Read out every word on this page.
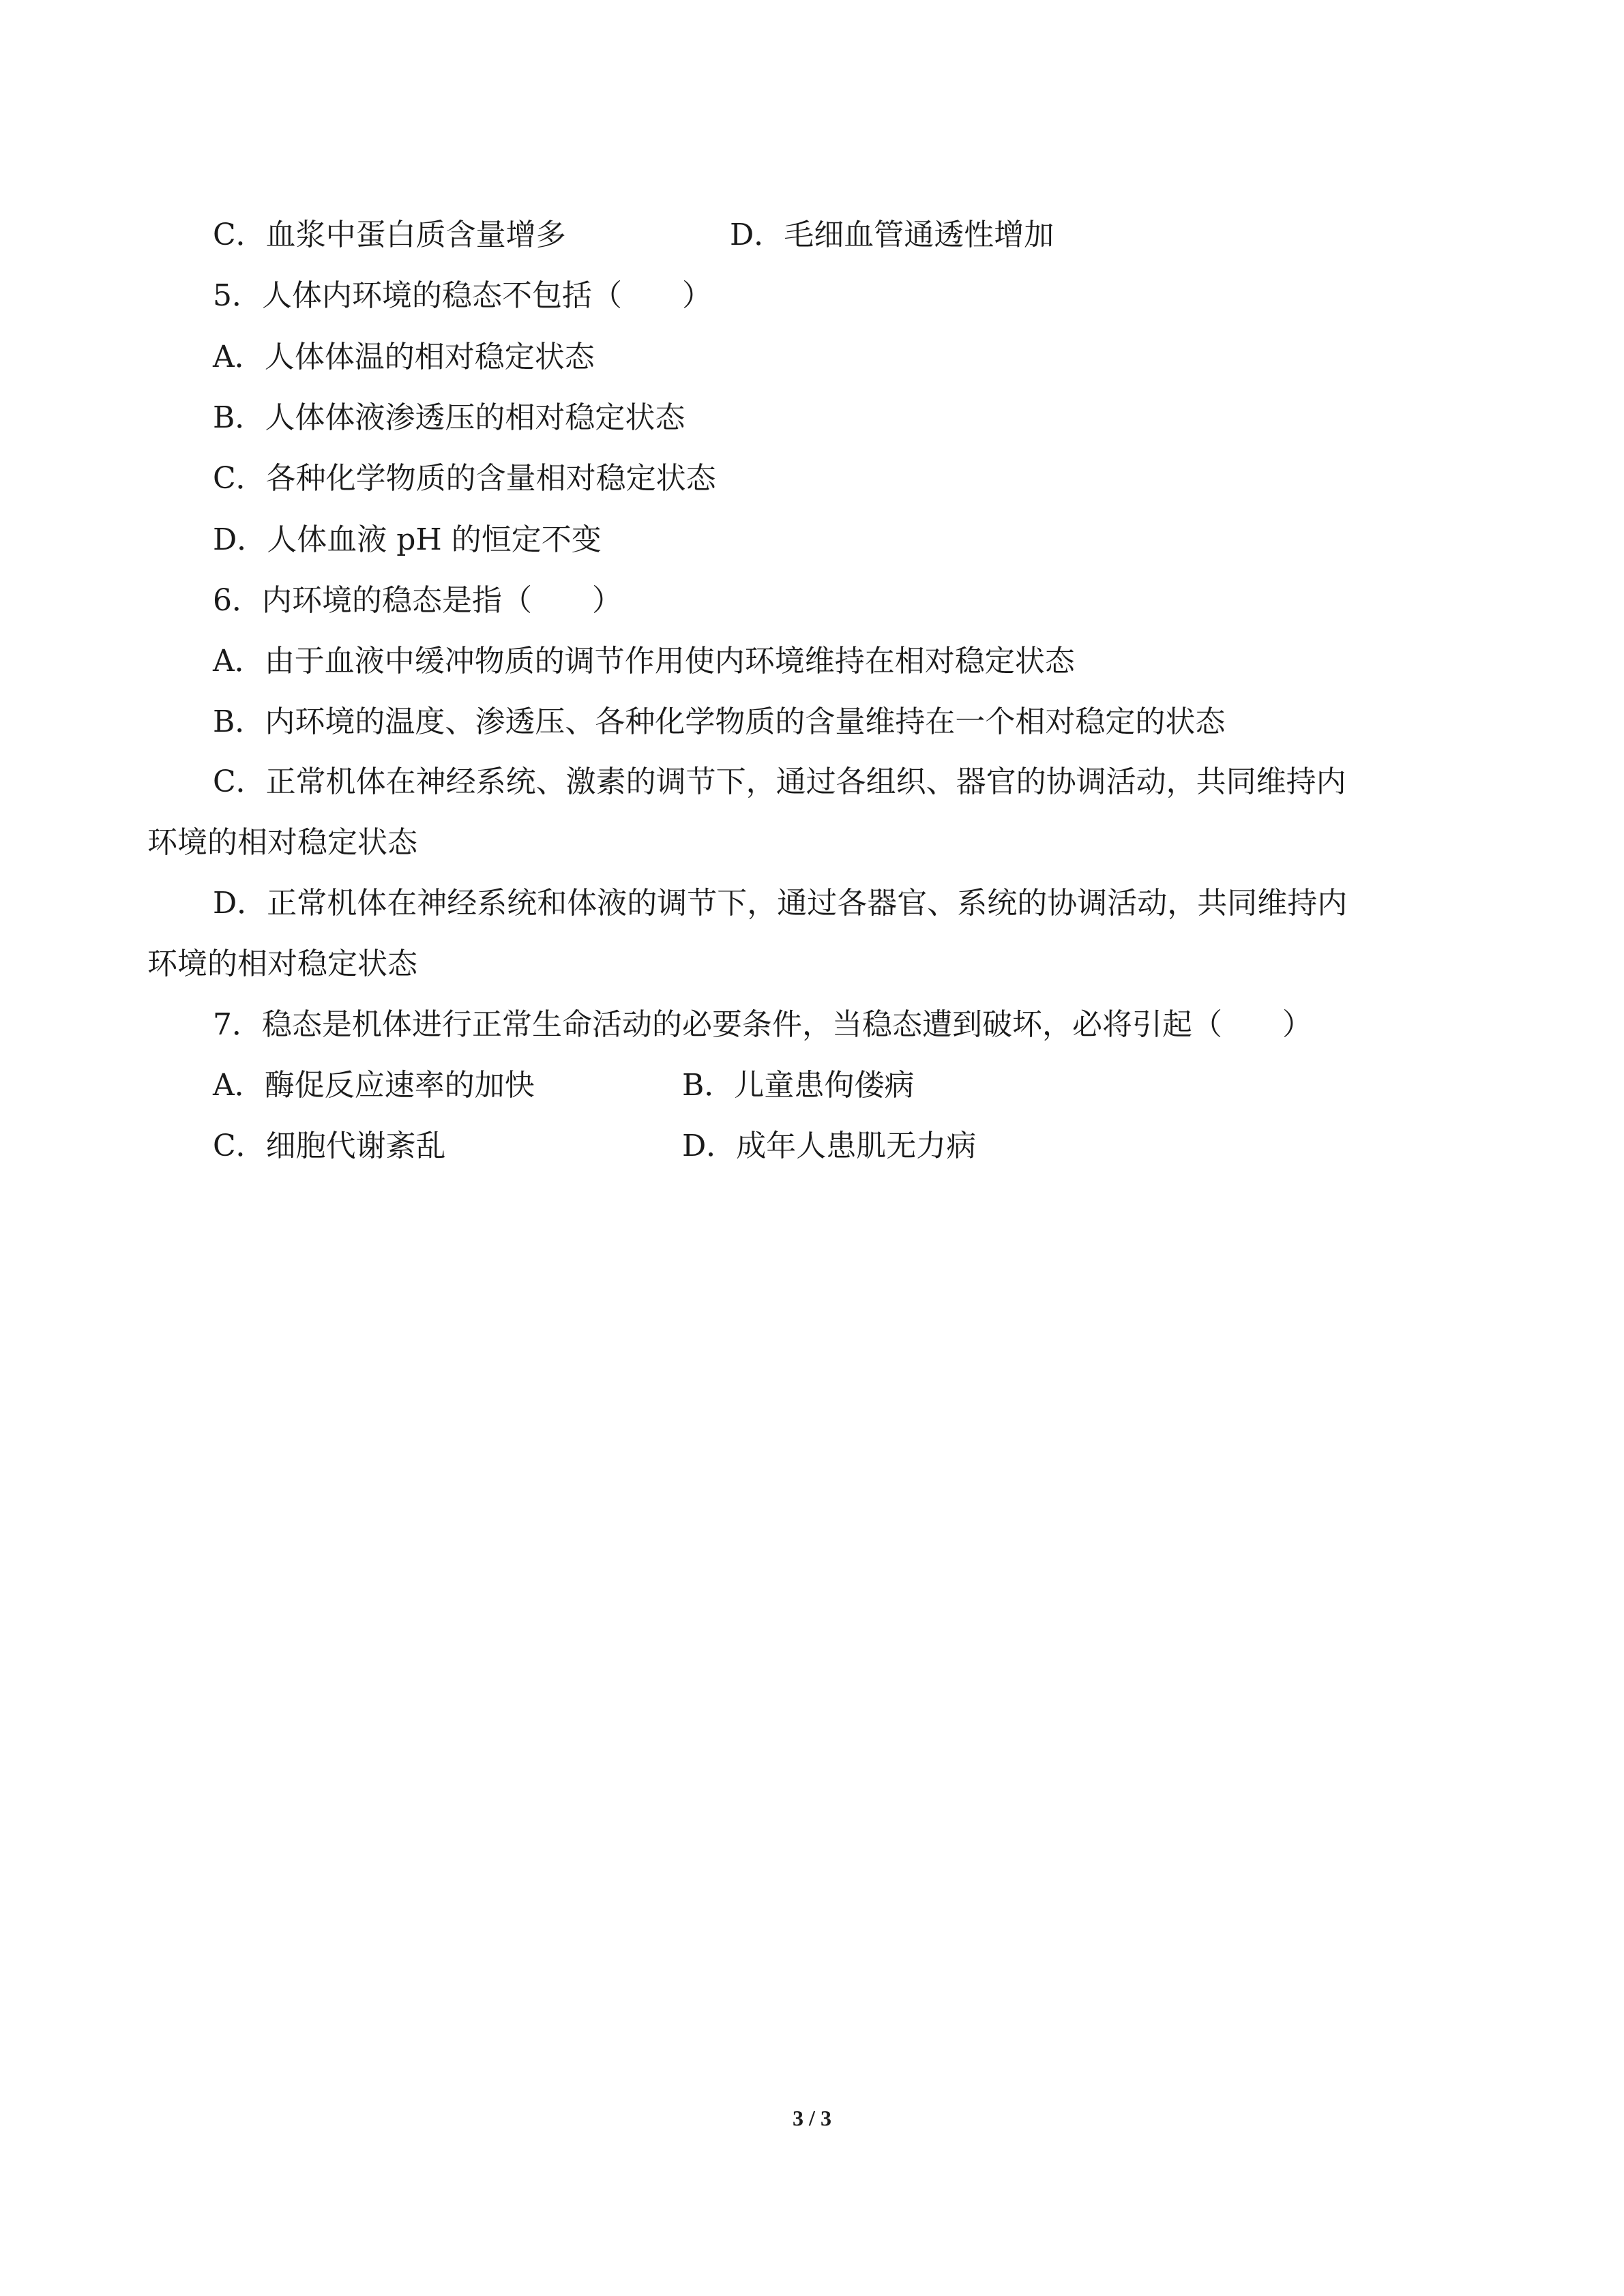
C．血浆中蛋白质含量增多	D．毛细血管通透性增加
5．人体内环境的稳态不包括（　　）
A．人体体温的相对稳定状态
B．人体体液渗透压的相对稳定状态
C．各种化学物质的含量相对稳定状态
D．人体血液 pH 的恒定不变
6．内环境的稳态是指（　　）
A．由于血液中缓冲物质的调节作用使内环境维持在相对稳定状态
B．内环境的温度、渗透压、各种化学物质的含量维持在一个相对稳定的状态
C．正常机体在神经系统、激素的调节下，通过各组织、器官的协调活动，共同维持内
环境的相对稳定状态
D．正常机体在神经系统和体液的调节下，通过各器官、系统的协调活动，共同维持内
环境的相对稳定状态
7．稳态是机体进行正常生命活动的必要条件，当稳态遭到破坏，必将引起（　　）
A．酶促反应速率的加快	B．儿童患佝偻病
C．细胞代谢紊乱	D．成年人患肌无力病
3 / 3
